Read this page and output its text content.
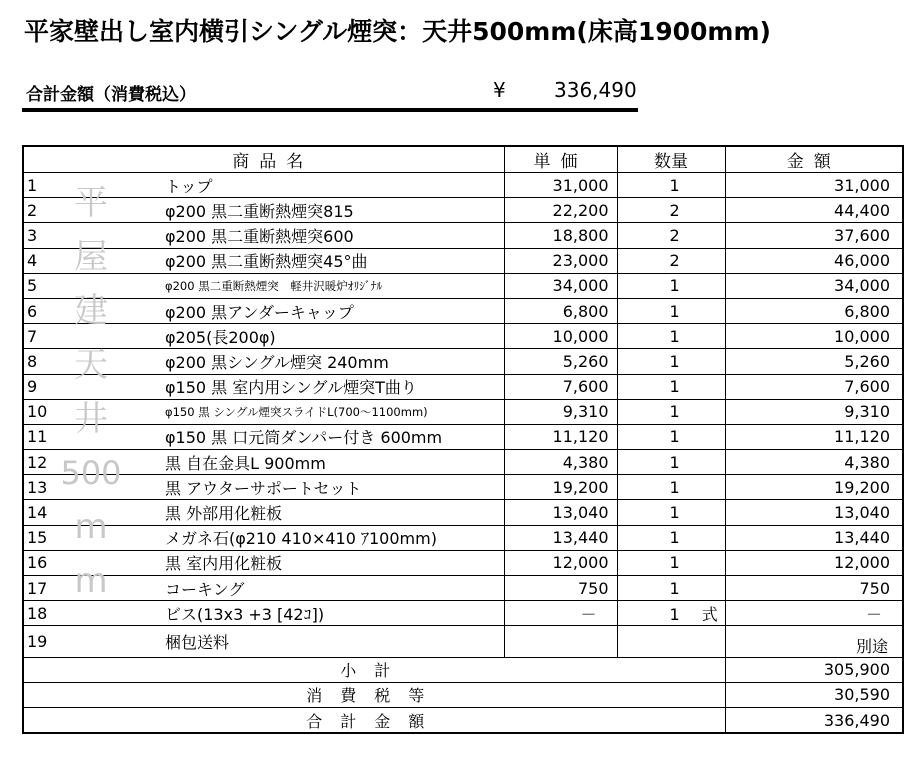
平家壁出し室内横引シングル煙突：天井500mm(床高1900mm)
合計金額（消費税込）	¥ 336,490
	商品名	単価	数量	金額
1	トップ	31,000	1	31,000
2	φ200 黒二重断熱煙突815	22,200	2	44,400
3	φ200 黒二重断熱煙突600	18,800	2	37,600
4	φ200 黒二重断熱煙突45°曲	23,000	2	46,000
5	φ200 黒二重断熱煙突　軽井沢暖炉ｵﾘｼﾞﾅﾙ	34,000	1	34,000
6	φ200 黒アンダーキャップ	6,800	1	6,800
7	φ205(長200φ)	10,000	1	10,000
8	φ200 黒シングル煙突 240mm	5,260	1	5,260
9	φ150 黒 室内用シングル煙突T曲り	7,600	1	7,600
10	φ150 黒 シングル煙突スライドL(700～1100mm)	9,310	1	9,310
11	φ150 黒 口元筒ダンパー付き 600mm	11,120	1	11,120
12	黒 自在金具L 900mm	4,380	1	4,380
13	黒 アウターサポートセット	19,200	1	19,200
14	黒 外部用化粧板	13,040	1	13,040
15	メガネ石(φ210 410×410 ｱ100mm)	13,440	1	13,440
16	黒 室内用化粧板	12,000	1	12,000
17	コーキング	750	1	750
18	ビス(13x3 +3 [42ｺ])	－	1 式	－
19	梱包送料			別途
小計				305,900
消費税等				30,590
合計金額				336,490
平
屋
建
天
井
500
m
m
